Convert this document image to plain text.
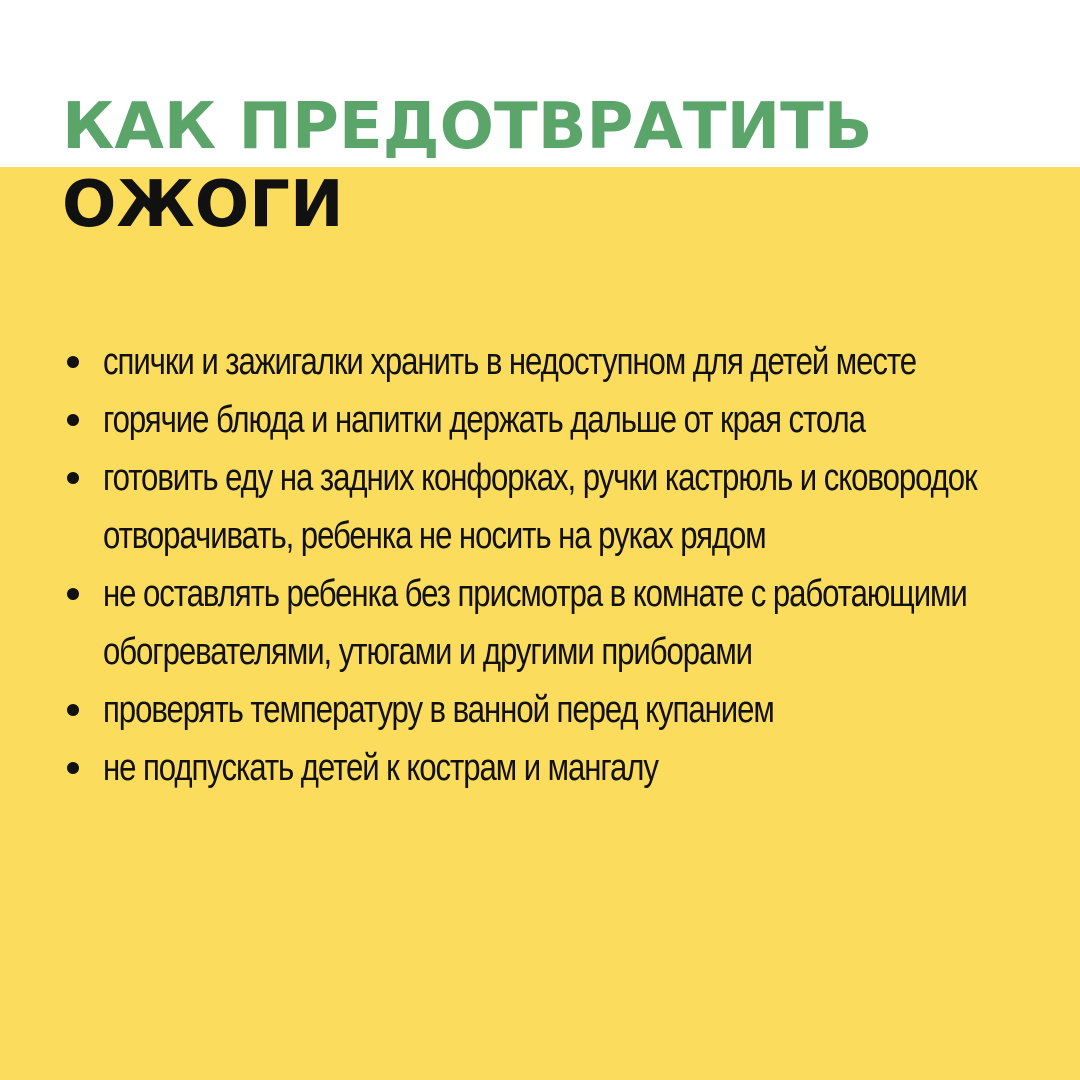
КАК ПРЕДОТВРАТИТЬ
ОЖОГИ
спички и зажигалки хранить в недоступном для детей месте
горячие блюда и напитки держать дальше от края стола
готовить еду на задних конфорках, ручки кастрюль и сковородок отворачивать, ребенка не носить на руках рядом
не оставлять ребенка без присмотра в комнате с работающими обогревателями, утюгами и другими приборами
проверять температуру в ванной перед купанием
не подпускать детей к кострам и мангалу
